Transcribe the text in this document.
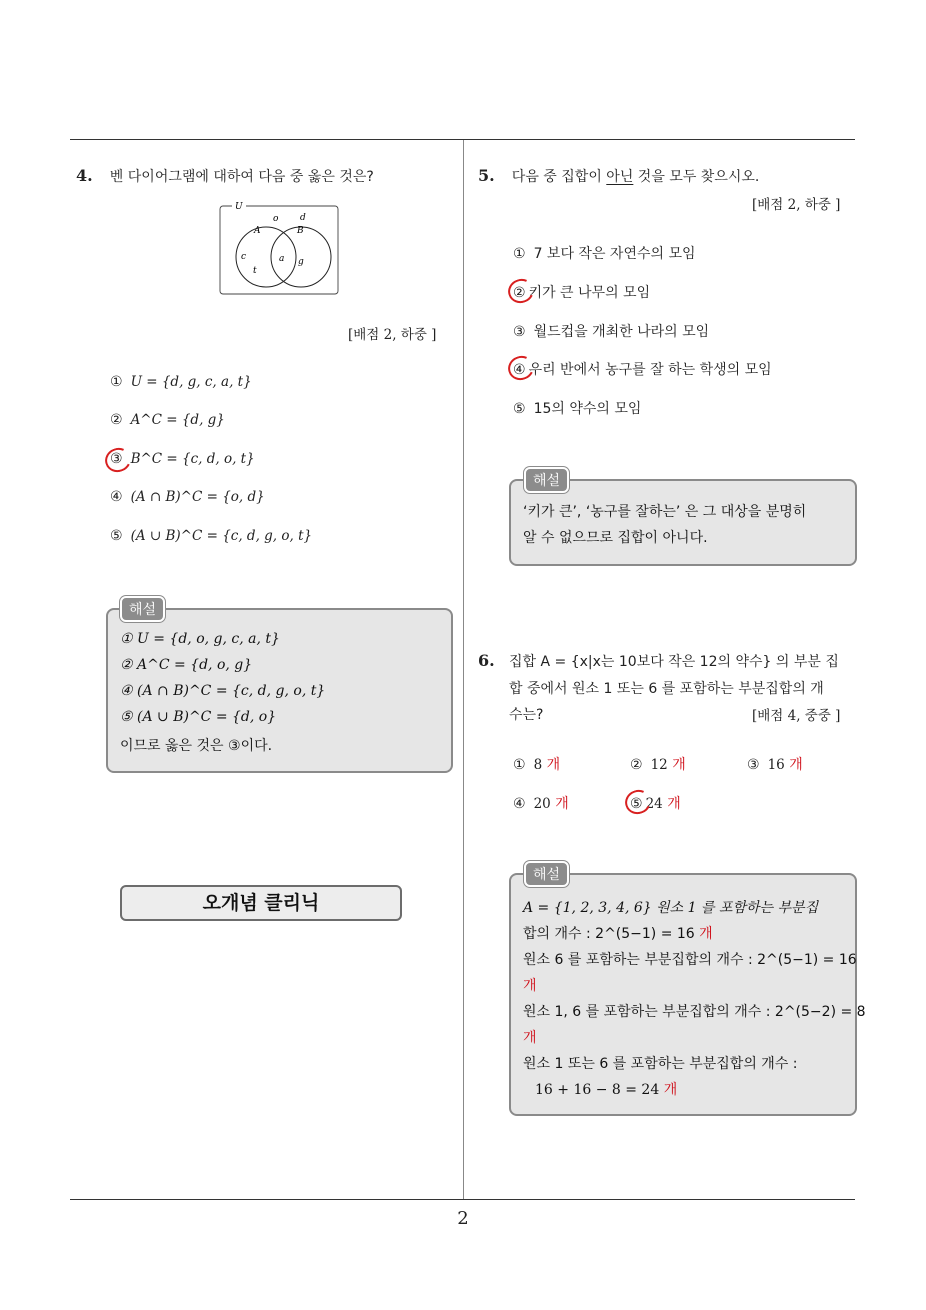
4. 벤 다이어그램에 대하여 다음 중 옳은 것은?
U
A	B
o d
c
t
a g
[배점 2, 하중 ]
① U = {d, g, c, a, t}
② A^C = {d, g}
③ B^C = {c, d, o, t}
④ (A ∩ B)^C = {o, d}
⑤ (A ∪ B)^C = {c, d, g, o, t}
① U = {d, o, g, c, a, t}
② A^C = {d, o, g}
④ (A ∩ B)^C = {c, d, g, o, t}
⑤ (A ∪ B)^C = {d, o}
이므로 옳은 것은 ③이다.
해설
오개념 클리닉
5. 다음 중 집합이 아닌 것을 모두 찾으시오.
[배점 2, 하중 ]
① 7 보다 작은 자연수의 모임
② 키가 큰 나무의 모임
③ 월드컵을 개최한 나라의 모임
④ 우리 반에서 농구를 잘 하는 학생의 모임
⑤ 15의 약수의 모임
‘키가 큰’, ‘농구를 잘하는’ 은 그 대상을 분명히
알 수 없으므로 집합이 아니다.
해설
6. 집합 A = {x|x는 10보다 작은 12의 약수} 의 부분 집
합 중에서 원소 1 또는 6 를 포함하는 부분집합의 개
수는?	[배점 4, 중중 ]
① 8 개	② 12 개	③ 16 개
④ 20 개	⑤ 24 개
A = {1, 2, 3, 4, 6} 원소 1 를 포함하는 부분집
합의 개수 : 2^(5−1) = 16 개
원소 6 를 포함하는 부분집합의 개수 : 2^(5−1) = 16
개
원소 1, 6 를 포함하는 부분집합의 개수 : 2^(5−2) = 8
개
원소 1 또는 6 를 포함하는 부분집합의 개수 :
16 + 16 − 8 = 24 개
해설
2
